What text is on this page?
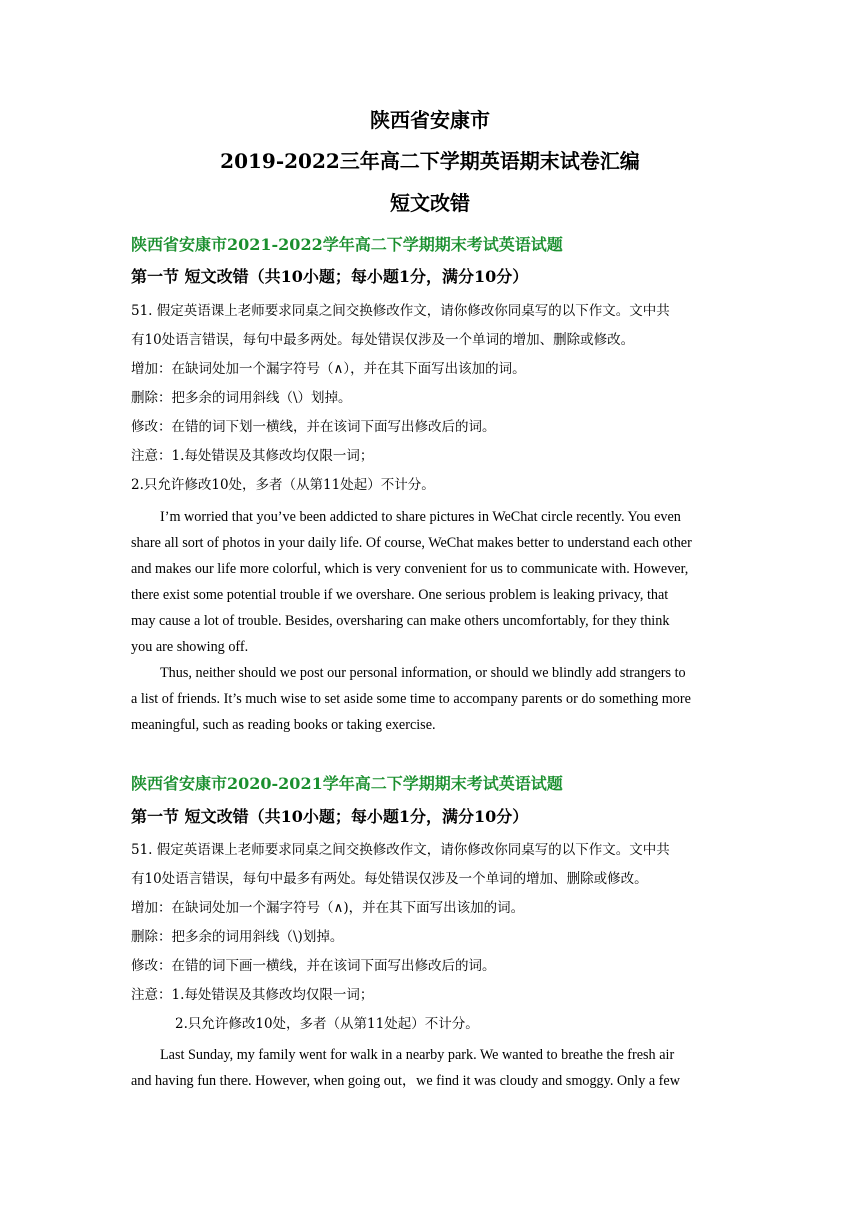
陕西省安康市
2019-2022三年高二下学期英语期末试卷汇编
短文改错
陕西省安康市2021-2022学年高二下学期期末考试英语试题
第一节 短文改错（共10小题；每小题1分，满分10分）
51. 假定英语课上老师要求同桌之间交换修改作文，请你修改你同桌写的以下作文。文中共
有10处语言错误，每句中最多两处。每处错误仅涉及一个单词的增加、删除或修改。
增加：在缺词处加一个漏字符号（∧），并在其下面写出该加的词。
删除：把多余的词用斜线（\）划掉。
修改：在错的词下划一横线，并在该词下面写出修改后的词。
注意：1.每处错误及其修改均仅限一词；
2.只允许修改10处，多者（从第11处起）不计分。
I’m worried that you’ve been addicted to share pictures in WeChat circle recently. You even
share all sort of photos in your daily life. Of course, WeChat makes better to understand each other
and makes our life more colorful, which is very convenient for us to communicate with. However,
there exist some potential trouble if we overshare. One serious problem is leaking privacy, that
may cause a lot of trouble. Besides, oversharing can make others uncomfortably, for they think
you are showing off.
Thus, neither should we post our personal information, or should we blindly add strangers to
a list of friends. It’s much wise to set aside some time to accompany parents or do something more
meaningful, such as reading books or taking exercise.
陕西省安康市2020-2021学年高二下学期期末考试英语试题
第一节 短文改错（共10小题；每小题1分，满分10分）
51. 假定英语课上老师要求同桌之间交换修改作文，请你修改你同桌写的以下作文。文中共
有10处语言错误，每句中最多有两处。每处错误仅涉及一个单词的增加、删除或修改。
增加：在缺词处加一个漏字符号（∧)，并在其下面写出该加的词。
删除：把多余的词用斜线（\)划掉。
修改：在错的词下画一横线，并在该词下面写出修改后的词。
注意：1.每处错误及其修改均仅限一词；
2.只允许修改10处，多者（从第11处起）不计分。
Last Sunday, my family went for walk in a nearby park. We wanted to breathe the fresh air
and having fun there. However, when going out，we find it was cloudy and smoggy. Only a few
